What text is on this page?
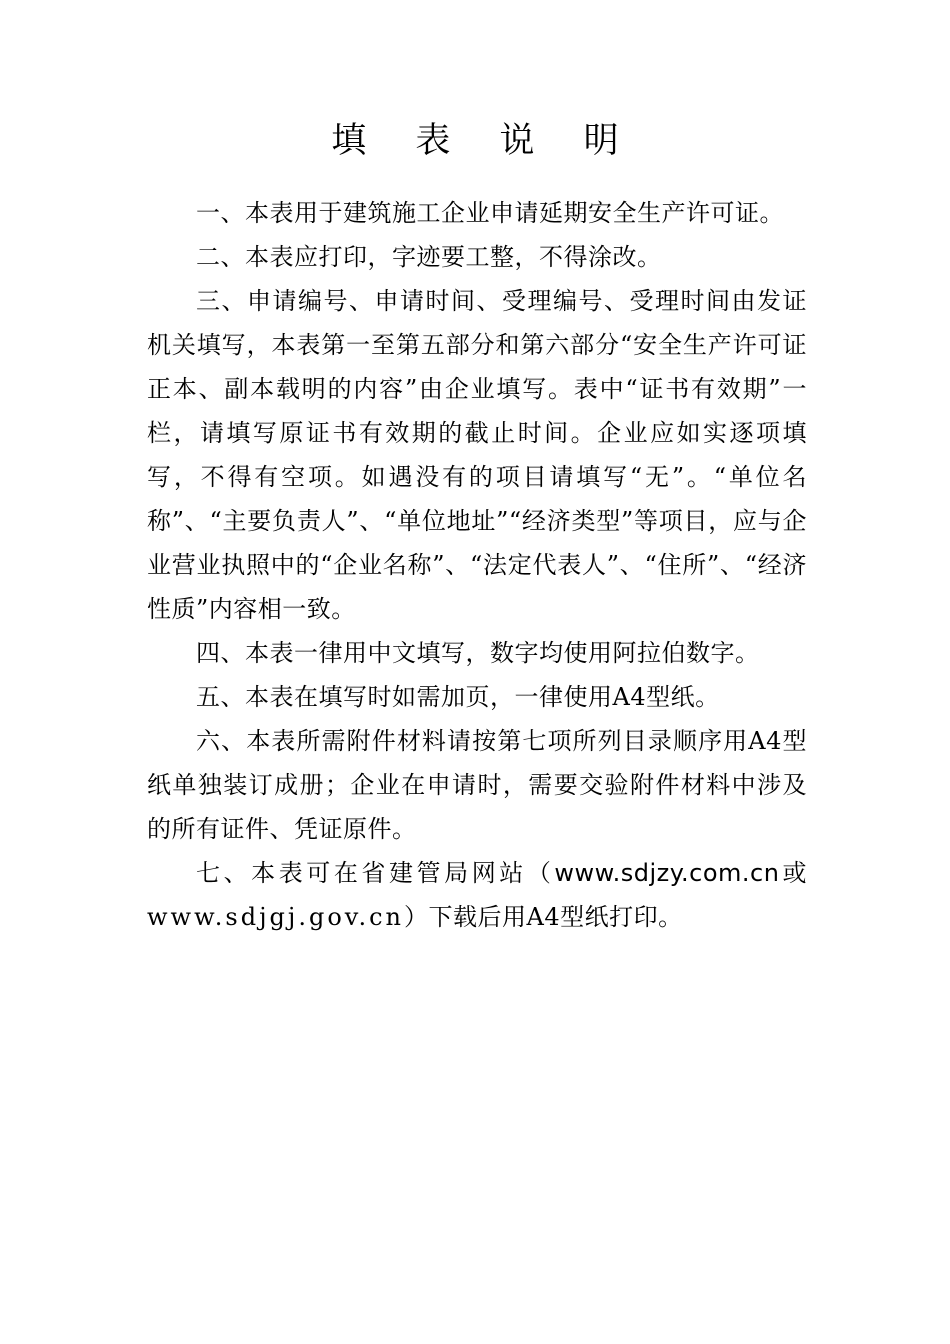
填 表 说 明

一、本表用于建筑施工企业申请延期安全生产许可证。

二、本表应打印，字迹要工整，不得涂改。

三、申请编号、申请时间、受理编号、受理时间由发证机关填写，本表第一至第五部分和第六部分“安全生产许可证正本、副本载明的内容”由企业填写。表中“证书有效期”一栏，请填写原证书有效期的截止时间。企业应如实逐项填写，不得有空项。如遇没有的项目请填写“无”。“单位名称”、“主要负责人”、“单位地址”“经济类型”等项目，应与企业营业执照中的“企业名称”、“法定代表人”、“住所”、“经济性质”内容相一致。

四、本表一律用中文填写，数字均使用阿拉伯数字。

五、本表在填写时如需加页，一律使用A4型纸。

六、本表所需附件材料请按第七项所列目录顺序用A4型纸单独装订成册；企业在申请时，需要交验附件材料中涉及的所有证件、凭证原件。

七、本表可在省建管局网站（www.sdjzy.com.cn或www.sdjgj.gov.cn）下载后用A4型纸打印。
